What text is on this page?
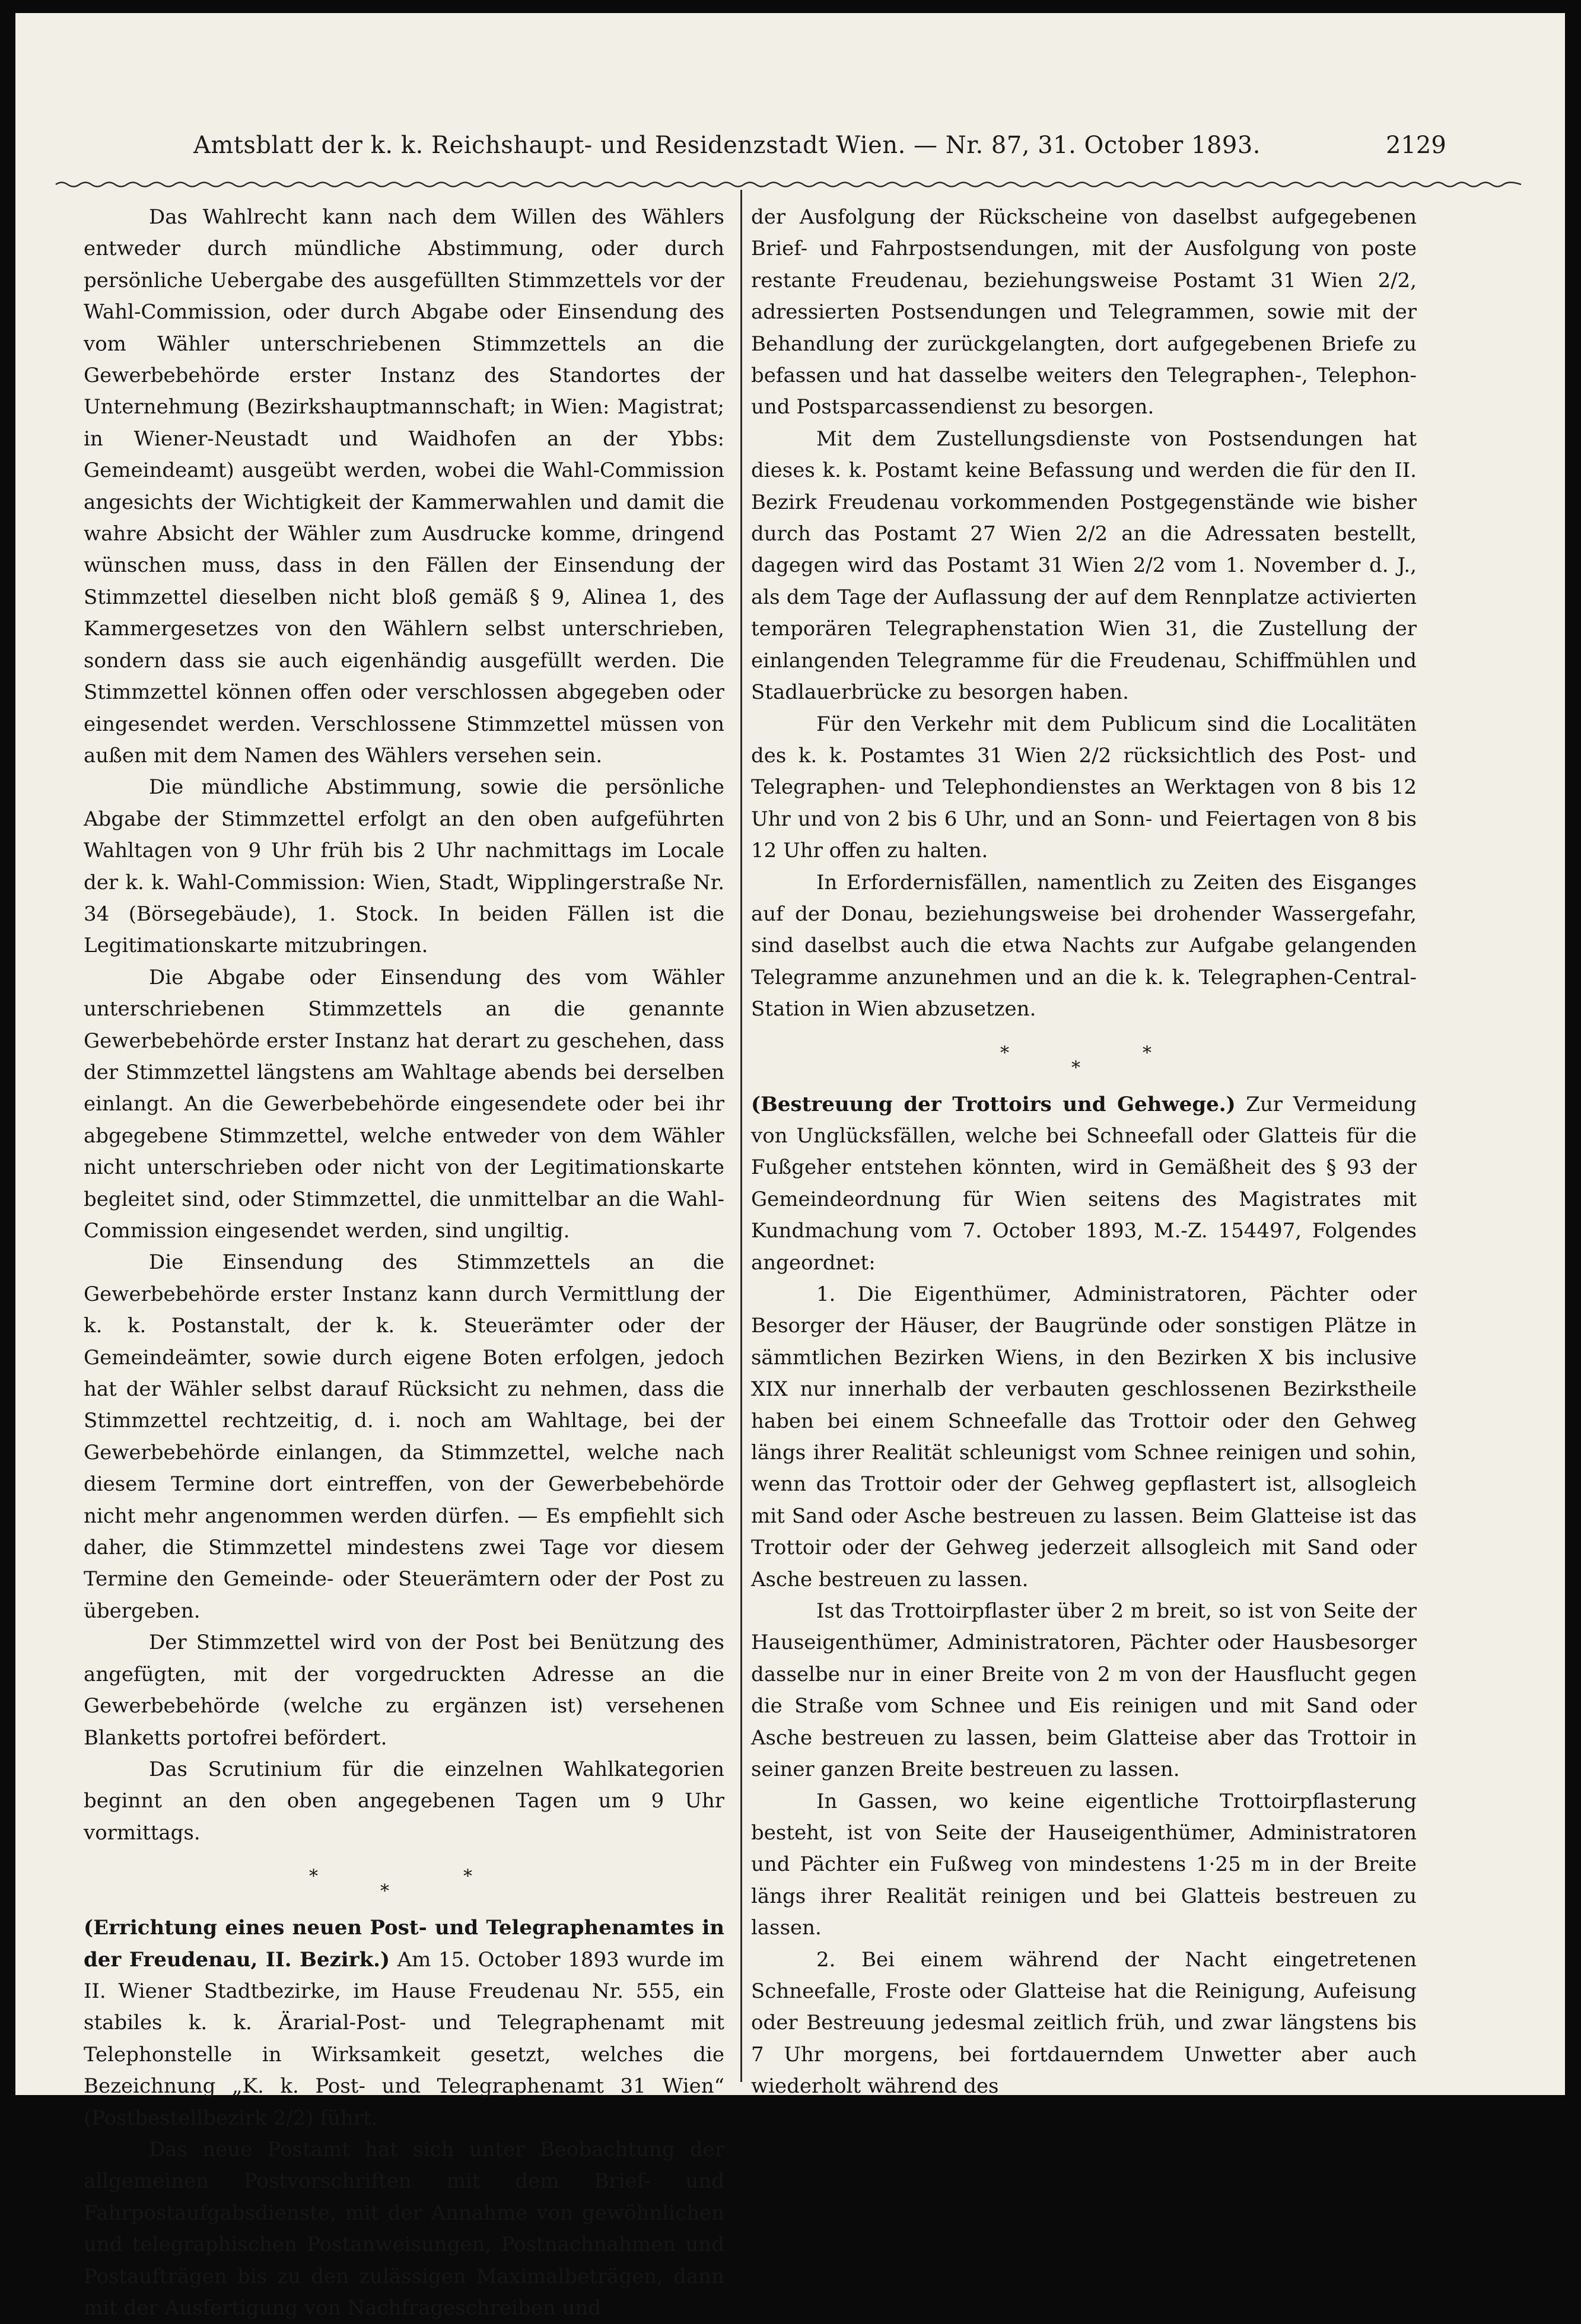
Amtsblatt der k. k. Reichshaupt- und Residenzstadt Wien. — Nr. 87, 31. October 1893.	2129

Das Wahlrecht kann nach dem Willen des Wählers entweder durch mündliche Abstimmung, oder durch persönliche Uebergabe des ausgefüllten Stimmzettels vor der Wahl-Commission, oder durch Abgabe oder Einsendung des vom Wähler unterschriebenen Stimmzettels an die Gewerbebehörde erster Instanz des Standortes der Unternehmung (Bezirkshauptmannschaft; in Wien: Magistrat; in Wiener-Neustadt und Waidhofen an der Ybbs: Gemeindeamt) ausgeübt werden, wobei die Wahl-Commission angesichts der Wichtigkeit der Kammerwahlen und damit die wahre Absicht der Wähler zum Ausdrucke komme, dringend wünschen muss, dass in den Fällen der Einsendung der Stimmzettel dieselben nicht bloß gemäß § 9, Alinea 1, des Kammergesetzes von den Wählern selbst unterschrieben, sondern dass sie auch eigenhändig ausgefüllt werden. Die Stimmzettel können offen oder verschlossen abgegeben oder eingesendet werden. Verschlossene Stimmzettel müssen von außen mit dem Namen des Wählers versehen sein.

Die mündliche Abstimmung, sowie die persönliche Abgabe der Stimmzettel erfolgt an den oben aufgeführten Wahltagen von 9 Uhr früh bis 2 Uhr nachmittags im Locale der k. k. Wahl-Commission: Wien, Stadt, Wipplingerstraße Nr. 34 (Börsegebäude), 1. Stock. In beiden Fällen ist die Legitimationskarte mitzubringen.

Die Abgabe oder Einsendung des vom Wähler unterschriebenen Stimmzettels an die genannte Gewerbebehörde erster Instanz hat derart zu geschehen, dass der Stimmzettel längstens am Wahltage abends bei derselben einlangt. An die Gewerbebehörde eingesendete oder bei ihr abgegebene Stimmzettel, welche entweder von dem Wähler nicht unterschrieben oder nicht von der Legitimationskarte begleitet sind, oder Stimmzettel, die unmittelbar an die Wahl-Commission eingesendet werden, sind ungiltig.

Die Einsendung des Stimmzettels an die Gewerbebehörde erster Instanz kann durch Vermittlung der k. k. Postanstalt, der k. k. Steuerämter oder der Gemeindeämter, sowie durch eigene Boten erfolgen, jedoch hat der Wähler selbst darauf Rücksicht zu nehmen, dass die Stimmzettel rechtzeitig, d. i. noch am Wahltage, bei der Gewerbebehörde einlangen, da Stimmzettel, welche nach diesem Termine dort eintreffen, von der Gewerbebehörde nicht mehr angenommen werden dürfen. — Es empfiehlt sich daher, die Stimmzettel mindestens zwei Tage vor diesem Termine den Gemeinde- oder Steuerämtern oder der Post zu übergeben.

Der Stimmzettel wird von der Post bei Benützung des angefügten, mit der vorgedruckten Adresse an die Gewerbebehörde (welche zu ergänzen ist) versehenen Blanketts portofrei befördert.

Das Scrutinium für die einzelnen Wahlkategorien beginnt an den oben angegebenen Tagen um 9 Uhr vormittags.

*
*
*

(Errichtung eines neuen Post- und Telegraphenamtes in der Freudenau, II. Bezirk.) Am 15. October 1893 wurde im II. Wiener Stadtbezirke, im Hause Freudenau Nr. 555, ein stabiles k. k. Ärarial-Post- und Telegraphenamt mit Telephonstelle in Wirksamkeit gesetzt, welches die Bezeichnung „K. k. Post- und Telegraphenamt 31 Wien“ (Postbestellbezirk 2/2) führt.

Das neue Postamt hat sich unter Beobachtung der allgemeinen Postvorschriften mit dem Brief- und Fahrpostaufgabsdienste, mit der Annahme von gewöhnlichen und telegraphischen Postanweisungen, Postnachnahmen und Postaufträgen bis zu den zulässigen Maximalbeträgen, dann mit der Ausfertigung von Nachfrageschreiben und

der Ausfolgung der Rückscheine von daselbst aufgegebenen Brief- und Fahrpostsendungen, mit der Ausfolgung von poste restante Freudenau, beziehungsweise Postamt 31 Wien 2/2, adressierten Postsendungen und Telegrammen, sowie mit der Behandlung der zurückgelangten, dort aufgegebenen Briefe zu befassen und hat dasselbe weiters den Telegraphen-, Telephon- und Postsparcassendienst zu besorgen.

Mit dem Zustellungsdienste von Postsendungen hat dieses k. k. Postamt keine Befassung und werden die für den II. Bezirk Freudenau vorkommenden Postgegenstände wie bisher durch das Postamt 27 Wien 2/2 an die Adressaten bestellt, dagegen wird das Postamt 31 Wien 2/2 vom 1. November d. J., als dem Tage der Auflassung der auf dem Rennplatze activierten temporären Telegraphenstation Wien 31, die Zustellung der einlangenden Telegramme für die Freudenau, Schiffmühlen und Stadlauerbrücke zu besorgen haben.

Für den Verkehr mit dem Publicum sind die Localitäten des k. k. Postamtes 31 Wien 2/2 rücksichtlich des Post- und Telegraphen- und Telephondienstes an Werktagen von 8 bis 12 Uhr und von 2 bis 6 Uhr, und an Sonn- und Feiertagen von 8 bis 12 Uhr offen zu halten.

In Erfordernisfällen, namentlich zu Zeiten des Eisganges auf der Donau, beziehungsweise bei drohender Wassergefahr, sind daselbst auch die etwa Nachts zur Aufgabe gelangenden Telegramme anzunehmen und an die k. k. Telegraphen-Central-Station in Wien abzusetzen.

*
*
*

(Bestreuung der Trottoirs und Gehwege.) Zur Vermeidung von Unglücksfällen, welche bei Schneefall oder Glatteis für die Fußgeher entstehen könnten, wird in Gemäßheit des § 93 der Gemeindeordnung für Wien seitens des Magistrates mit Kundmachung vom 7. October 1893, M.-Z. 154497, Folgendes angeordnet:

1. Die Eigenthümer, Administratoren, Pächter oder Besorger der Häuser, der Baugründe oder sonstigen Plätze in sämmtlichen Bezirken Wiens, in den Bezirken X bis inclusive XIX nur innerhalb der verbauten geschlossenen Bezirkstheile haben bei einem Schneefalle das Trottoir oder den Gehweg längs ihrer Realität schleunigst vom Schnee reinigen und sohin, wenn das Trottoir oder der Gehweg gepflastert ist, allsogleich mit Sand oder Asche bestreuen zu lassen. Beim Glatteise ist das Trottoir oder der Gehweg jederzeit allsogleich mit Sand oder Asche bestreuen zu lassen.

Ist das Trottoirpflaster über 2 m breit, so ist von Seite der Hauseigenthümer, Administratoren, Pächter oder Hausbesorger dasselbe nur in einer Breite von 2 m von der Hausflucht gegen die Straße vom Schnee und Eis reinigen und mit Sand oder Asche bestreuen zu lassen, beim Glatteise aber das Trottoir in seiner ganzen Breite bestreuen zu lassen.

In Gassen, wo keine eigentliche Trottoirpflasterung besteht, ist von Seite der Hauseigenthümer, Administratoren und Pächter ein Fußweg von mindestens 1·25 m in der Breite längs ihrer Realität reinigen und bei Glatteis bestreuen zu lassen.

2. Bei einem während der Nacht eingetretenen Schneefalle, Froste oder Glatteise hat die Reinigung, Aufeisung oder Bestreuung jedesmal zeitlich früh, und zwar längstens bis 7 Uhr morgens, bei fortdauerndem Unwetter aber auch wiederholt während des
